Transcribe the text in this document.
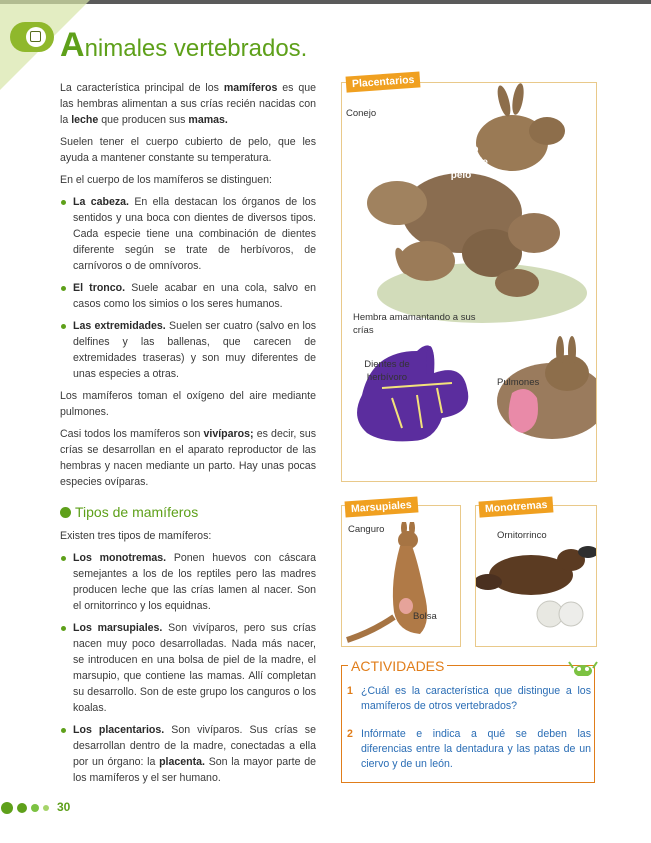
Animales vertebrados.

La característica principal de los mamíferos es que las hembras alimentan a sus crías recién nacidas con la leche que producen sus mamas.

Suelen tener el cuerpo cubierto de pelo, que les ayuda a mantener constante su temperatura.

En el cuerpo de los mamíferos se distinguen:

La cabeza. En ella destacan los órganos de los sentidos y una boca con dientes de diversos tipos. Cada especie tiene una combinación de dientes diferente según se trate de herbívoros, de carnívoros o de omnívoros.
El tronco. Suele acabar en una cola, salvo en casos como los simios o los seres humanos.
Las extremidades. Suelen ser cuatro (salvo en los delfines y las ballenas, que carecen de extremidades traseras) y son muy diferentes de unas especies a otras.

Los mamíferos toman el oxígeno del aire mediante pulmones.

Casi todos los mamíferos son vivíparos; es decir, sus crías se desarrollan en el aparato reproductor de las hembras y nacen mediante un parto. Hay unas pocas especies ovíparas.

Tipos de mamíferos

Existen tres tipos de mamíferos:

Los monotremas. Ponen huevos con cáscara semejantes a los de los reptiles pero las madres producen leche que las crías lamen al nacer. Son el ornitorrinco y los equidnas.
Los marsupiales. Son vivíparos, pero sus crías nacen muy poco desarrolladas. Nada más nacer, se introducen en una bolsa de piel de la madre, el marsupio, que contiene las mamas. Allí completan su desarrollo. Son de este grupo los canguros o los koalas.
Los placentarios. Son vivíparos. Sus crías se desarrollan dentro de la madre, conectadas a ella por un órgano: la placenta. Son la mayor parte de los mamíferos y el ser humano.
Placentarios
Conejo
Cuerpo cubierto de pelo
Hembra amamantando a sus crías
Dientes de herbívoro	Pulmones
Patas para correr
Marsupiales
Canguro
Bolsa
Monotremas
Ornitorrinco
ACTIVIDADES
1 ¿Cuál es la característica que distingue a los mamíferos de otros vertebrados?
2 Infórmate e indica a qué se deben las diferencias entre la dentadura y las patas de un ciervo y de un león.
30
